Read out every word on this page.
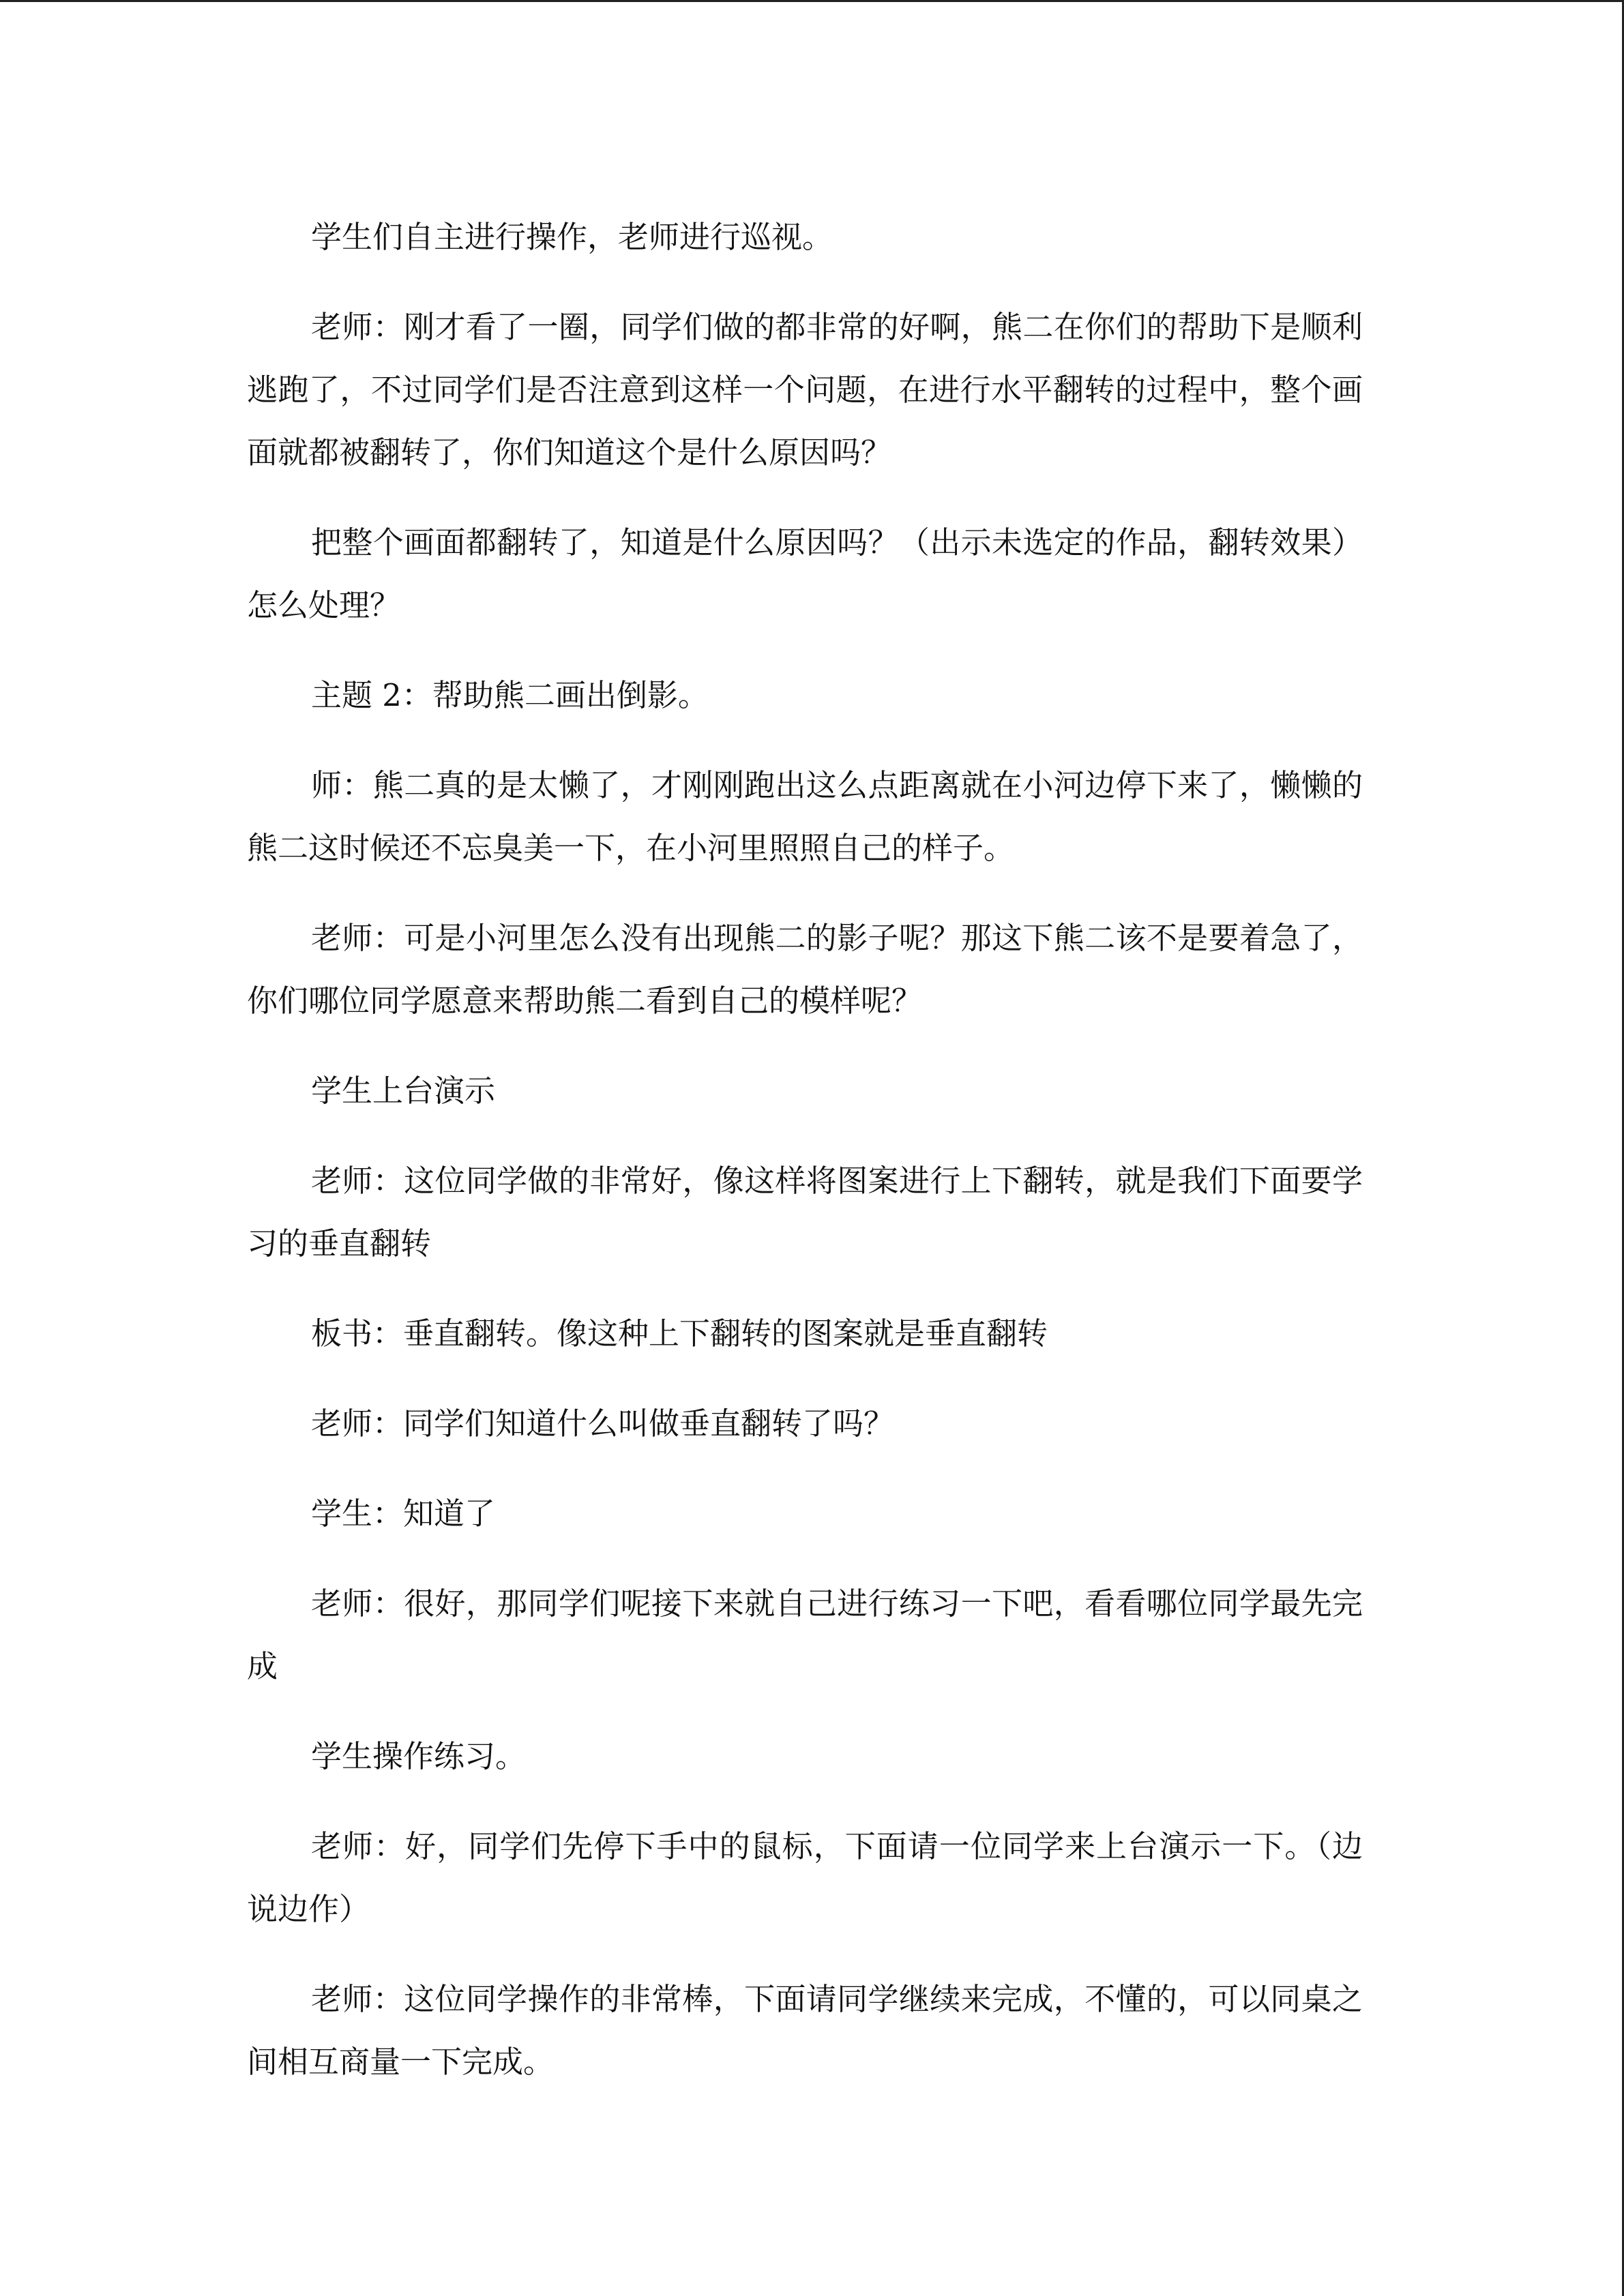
学生们自主进行操作，老师进行巡视。

老师：刚才看了一圈，同学们做的都非常的好啊，熊二在你们的帮助下是顺利逃跑了，不过同学们是否注意到这样一个问题，在进行水平翻转的过程中，整个画面就都被翻转了，你们知道这个是什么原因吗？

把整个画面都翻转了，知道是什么原因吗？（出示未选定的作品，翻转效果）怎么处理？

主题 2：帮助熊二画出倒影。

师：熊二真的是太懒了，才刚刚跑出这么点距离就在小河边停下来了，懒懒的熊二这时候还不忘臭美一下，在小河里照照自己的样子。

老师：可是小河里怎么没有出现熊二的影子呢？那这下熊二该不是要着急了，你们哪位同学愿意来帮助熊二看到自己的模样呢？

学生上台演示

老师：这位同学做的非常好，像这样将图案进行上下翻转，就是我们下面要学习的垂直翻转

板书：垂直翻转。像这种上下翻转的图案就是垂直翻转

老师：同学们知道什么叫做垂直翻转了吗？

学生：知道了

老师：很好，那同学们呢接下来就自己进行练习一下吧，看看哪位同学最先完成

学生操作练习。

老师：好，同学们先停下手中的鼠标，下面请一位同学来上台演示一下。（边说边作）

老师：这位同学操作的非常棒，下面请同学继续来完成，不懂的，可以同桌之间相互商量一下完成。
